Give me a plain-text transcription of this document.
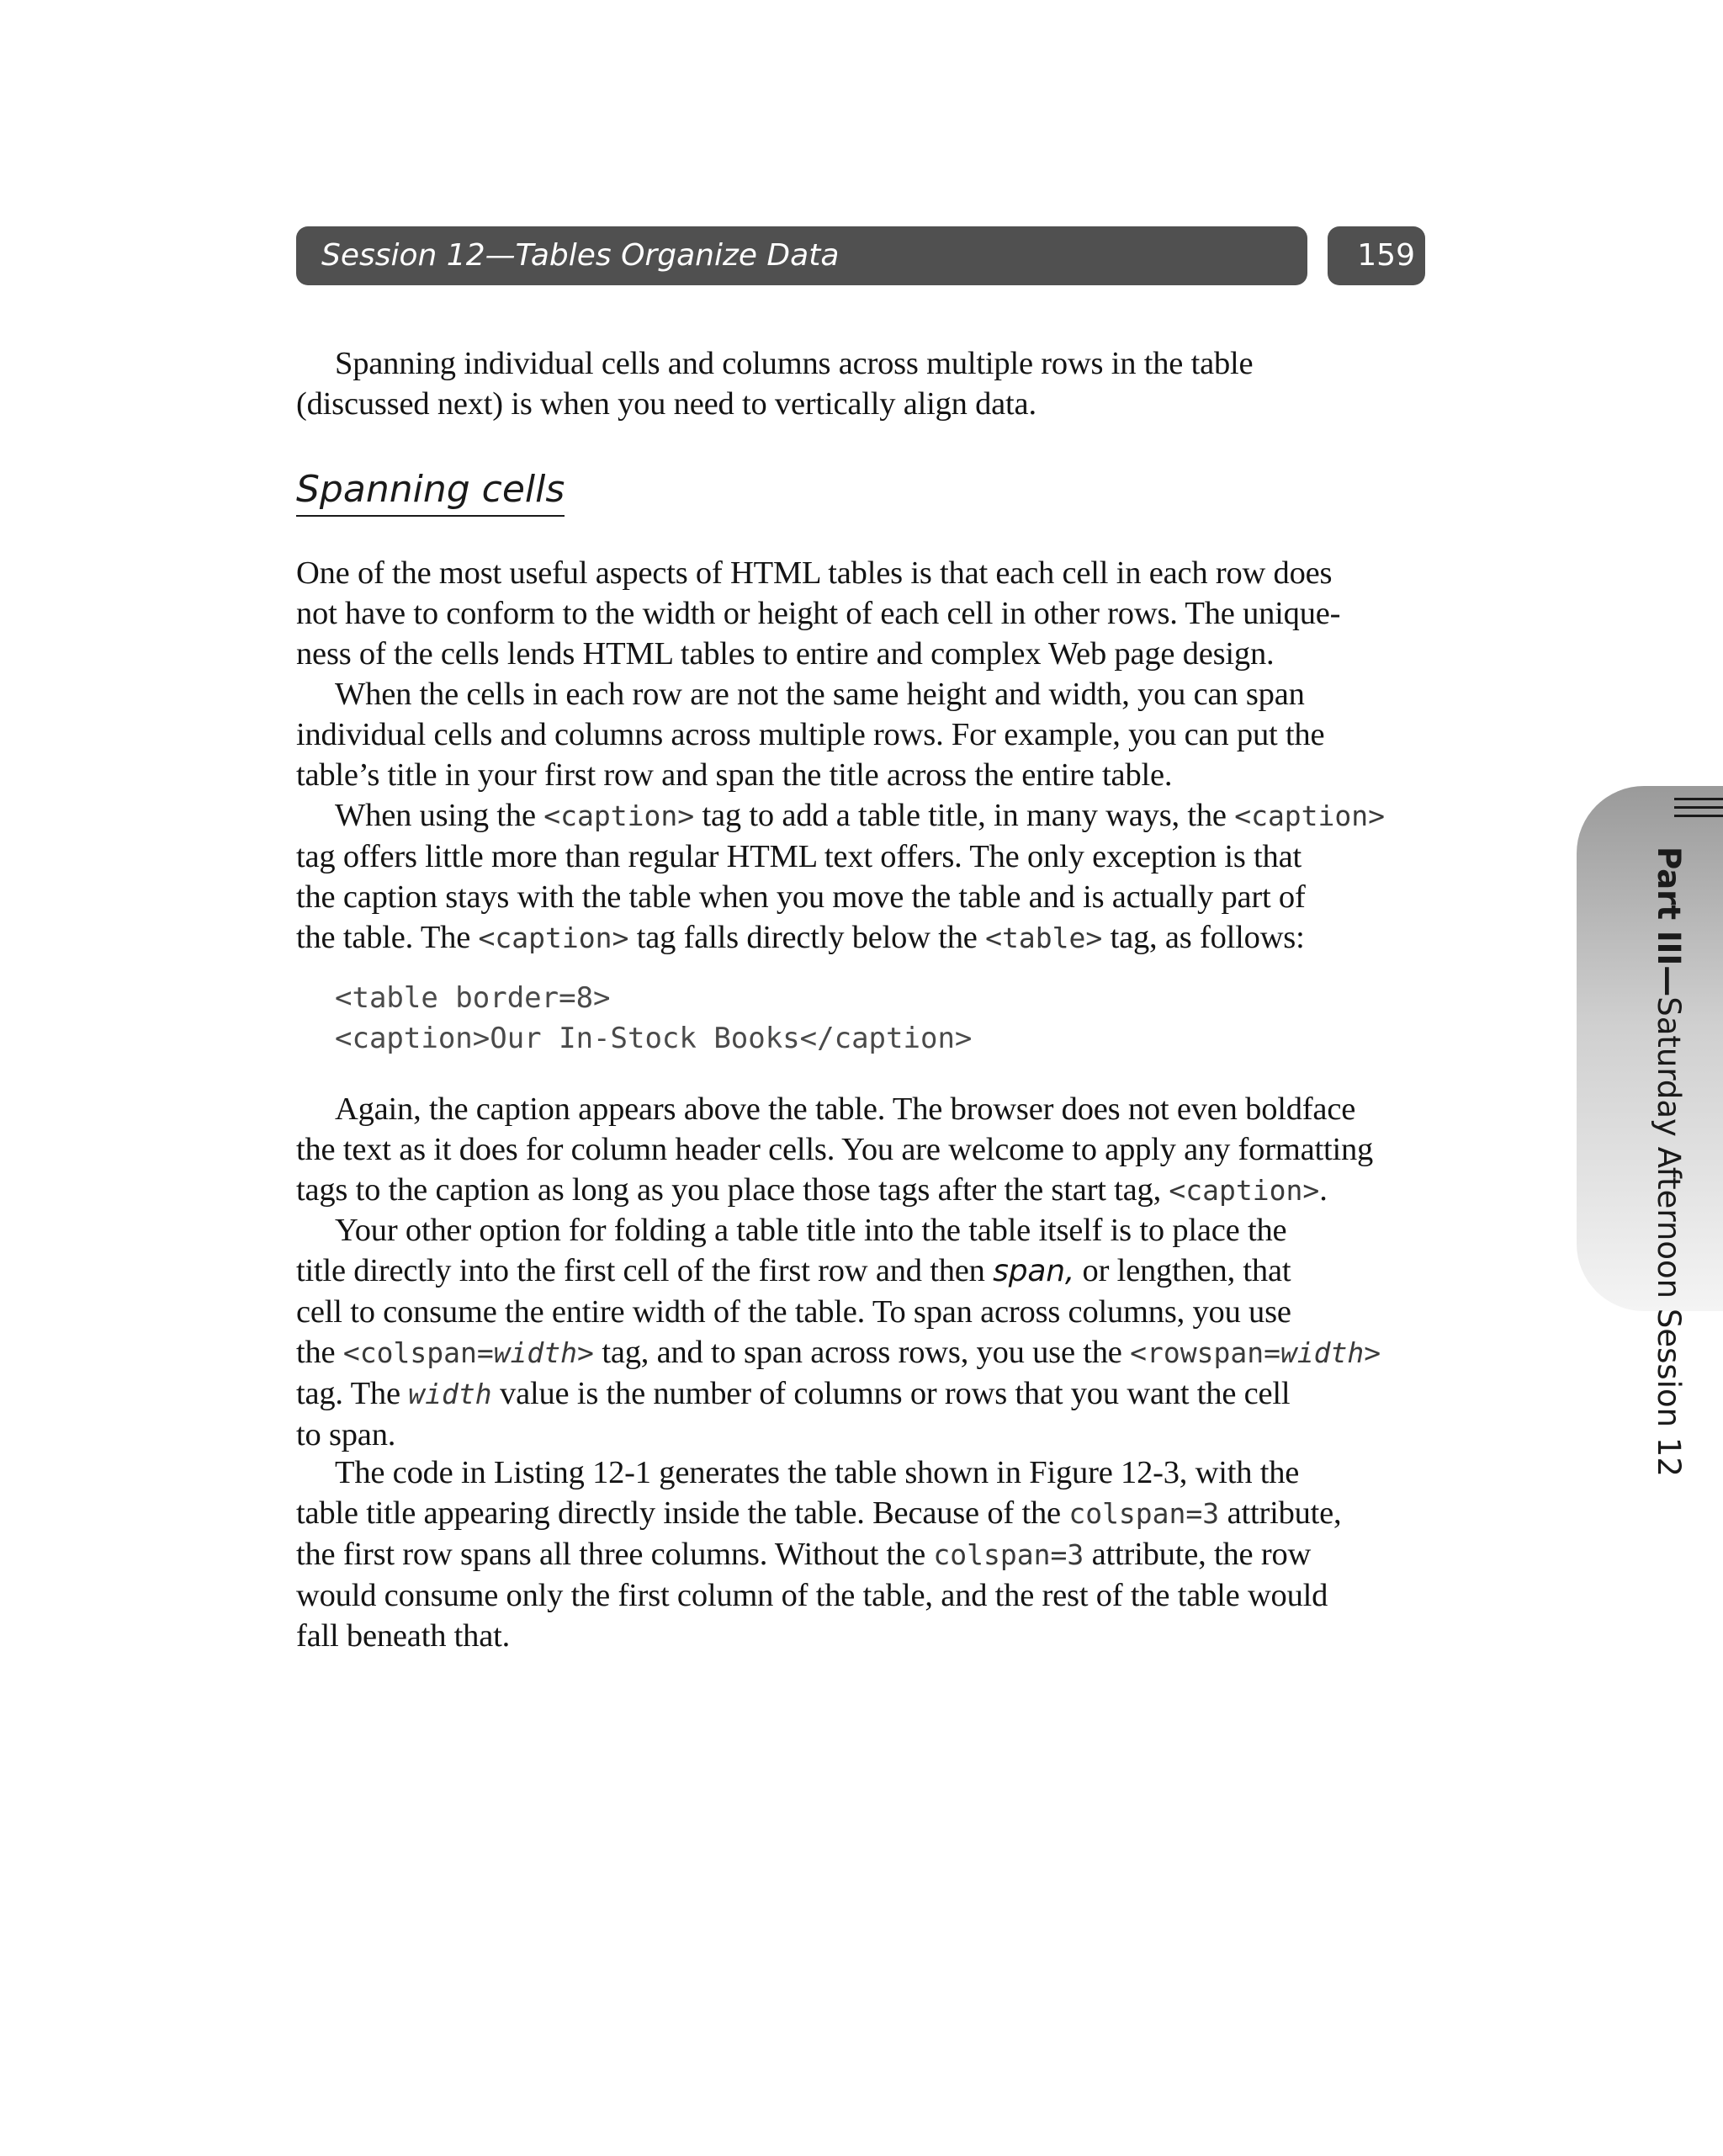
Session 12—Tables Organize Data	159

Spanning individual cells and columns across multiple rows in the table
(discussed next) is when you need to vertically align data.

Spanning cells

One of the most useful aspects of HTML tables is that each cell in each row does
not have to conform to the width or height of each cell in other rows. The unique-
ness of the cells lends HTML tables to entire and complex Web page design.

When the cells in each row are not the same height and width, you can span
individual cells and columns across multiple rows. For example, you can put the
table’s title in your first row and span the title across the entire table.

When using the <caption> tag to add a table title, in many ways, the <caption>
tag offers little more than regular HTML text offers. The only exception is that
the caption stays with the table when you move the table and is actually part of
the table. The <caption> tag falls directly below the <table> tag, as follows:

<table border=8>
<caption>Our In-Stock Books</caption>

Again, the caption appears above the table. The browser does not even boldface
the text as it does for column header cells. You are welcome to apply any formatting
tags to the caption as long as you place those tags after the start tag, <caption>.

Your other option for folding a table title into the table itself is to place the
title directly into the first cell of the first row and then span, or lengthen, that
cell to consume the entire width of the table. To span across columns, you use
the <colspan=width> tag, and to span across rows, you use the <rowspan=width>
tag. The width value is the number of columns or rows that you want the cell
to span.

The code in Listing 12-1 generates the table shown in Figure 12-3, with the
table title appearing directly inside the table. Because of the colspan=3 attribute,
the first row spans all three columns. Without the colspan=3 attribute, the row
would consume only the first column of the table, and the rest of the table would
fall beneath that.

Part III—Saturday Afternoon Session 12
